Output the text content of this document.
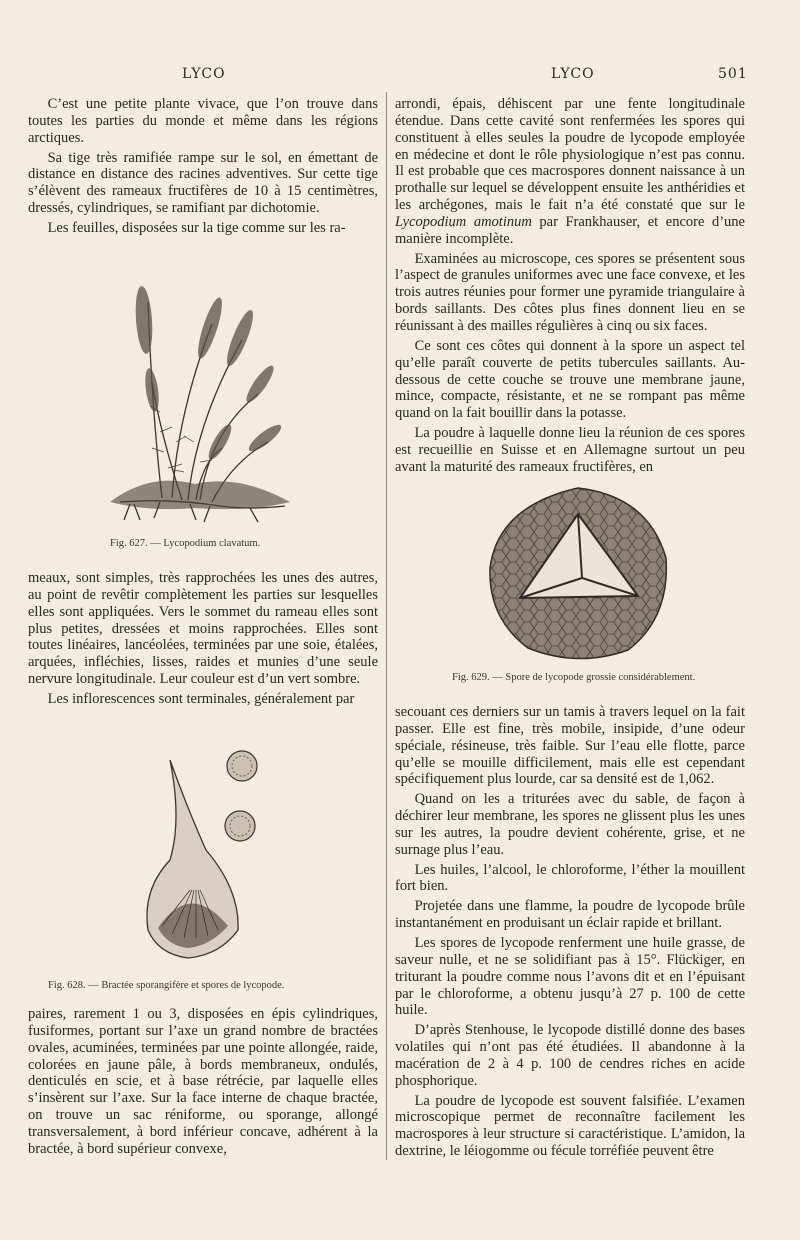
LYCO	LYCO	501

C’est une petite plante vivace, que l’on trouve dans toutes les parties du monde et même dans les régions arctiques.

Sa tige très ramifiée rampe sur le sol, en émettant de distance en distance des racines adventives. Sur cette tige s’élèvent des rameaux fructifères de 10 à 15 centimètres, dressés, cylindriques, se ramifiant par dichotomie.

Les feuilles, disposées sur la tige comme sur les ra-

Fig. 627. — Lycopodium clavatum.

meaux, sont simples, très rapprochées les unes des autres, au point de revêtir complètement les parties sur lesquelles elles sont appliquées. Vers le sommet du rameau elles sont plus petites, dressées et moins rapprochées. Elles sont toutes linéaires, lancéolées, terminées par une soie, étalées, arquées, infléchies, lisses, raides et munies d’une seule nervure longitudinale. Leur couleur est d’un vert sombre.

Les inflorescences sont terminales, généralement par

Fig. 628. — Bractée sporangifère et spores de lycopode.

paires, rarement 1 ou 3, disposées en épis cylindriques, fusiformes, portant sur l’axe un grand nombre de bractées ovales, acuminées, terminées par une pointe allongée, raide, colorées en jaune pâle, à bords membraneux, ondulés, denticulés en scie, et à base rétrécie, par laquelle elles s’insèrent sur l’axe. Sur la face interne de chaque bractée, on trouve un sac réniforme, ou sporange, allongé transversalement, à bord inférieur concave, adhérent à la bractée, à bord supérieur convexe,

arrondi, épais, déhiscent par une fente longitudinale étendue. Dans cette cavité sont renfermées les spores qui constituent à elles seules la poudre de lycopode employée en médecine et dont le rôle physiologique n’est pas connu. Il est probable que ces macrospores donnent naissance à un prothalle sur lequel se développent ensuite les anthéridies et les archégones, mais le fait n’a été constaté que sur le Lycopodium amotinum par Frankhauser, et encore d’une manière incomplète.

Examinées au microscope, ces spores se présentent sous l’aspect de granules uniformes avec une face convexe, et les trois autres réunies pour former une pyramide triangulaire à bords saillants. Des côtes plus fines donnent lieu en se réunissant à des mailles régulières à cinq ou six faces.

Ce sont ces côtes qui donnent à la spore un aspect tel qu’elle paraît couverte de petits tubercules saillants. Au-dessous de cette couche se trouve une membrane jaune, mince, compacte, résistante, et ne se rompant pas même quand on la fait bouillir dans la potasse.

La poudre à laquelle donne lieu la réunion de ces spores est recueillie en Suisse et en Allemagne surtout un peu avant la maturité des rameaux fructifères, en

Fig. 629. — Spore de lycopode grossie considérablement.

secouant ces derniers sur un tamis à travers lequel on la fait passer. Elle est fine, très mobile, insipide, d’une odeur spéciale, résineuse, très faible. Sur l’eau elle flotte, parce qu’elle se mouille difficilement, mais elle est cependant spécifiquement plus lourde, car sa densité est de 1,062.

Quand on les a triturées avec du sable, de façon à déchirer leur membrane, les spores ne glissent plus les unes sur les autres, la poudre devient cohérente, grise, et ne surnage plus l’eau.

Les huiles, l’alcool, le chloroforme, l’éther la mouillent fort bien.

Projetée dans une flamme, la poudre de lycopode brûle instantanément en produisant un éclair rapide et brillant.

Les spores de lycopode renferment une huile grasse, de saveur nulle, et ne se solidifiant pas à 15°. Flückiger, en triturant la poudre comme nous l’avons dit et en l’épuisant par le chloroforme, a obtenu jusqu’à 27 p. 100 de cette huile.

D’après Stenhouse, le lycopode distillé donne des bases volatiles qui n’ont pas été étudiées. Il abandonne à la macération de 2 à 4 p. 100 de cendres riches en acide phosphorique.

La poudre de lycopode est souvent falsifiée. L’examen microscopique permet de reconnaître facilement les macrospores à leur structure si caractéristique. L’amidon, la dextrine, le léiogomme ou fécule torréfiée peuvent être
